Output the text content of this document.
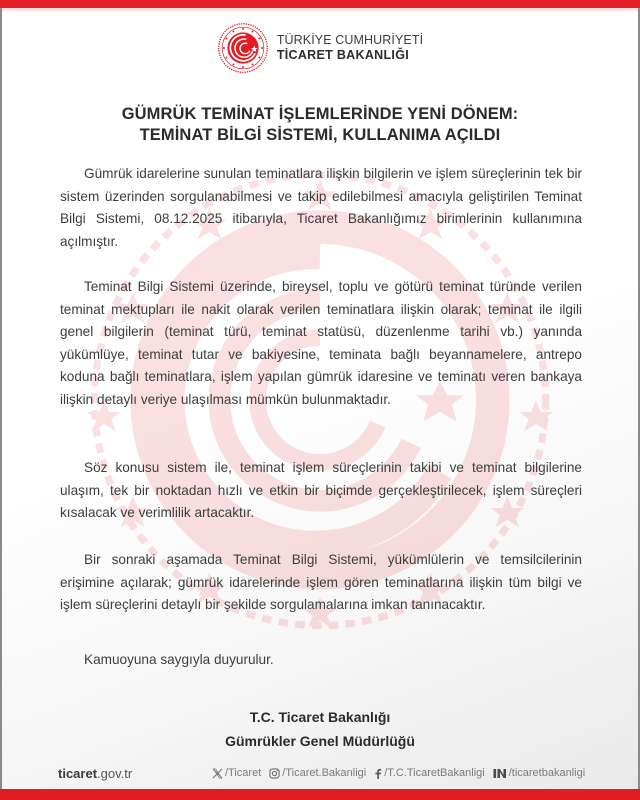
TÜRKİYE CUMHURİYETİ
TİCARET BAKANLIĞI
GÜMRÜK TEMİNAT İŞLEMLERİNDE YENİ DÖNEM:
TEMİNAT BİLGİ SİSTEMİ, KULLANIMA AÇILDI

Gümrük idarelerine sunulan teminatlara ilişkin bilgilerin ve işlem süreçlerinin tek bir sistem üzerinden sorgulanabilmesi ve takip edilebilmesi amacıyla geliştirilen Teminat Bilgi Sistemi, 08.12.2025 itibarıyla, Ticaret Bakanlığımız birimlerinin kullanımına açılmıştır.

Teminat Bilgi Sistemi üzerinde, bireysel, toplu ve götürü teminat türünde verilen teminat mektupları ile nakit olarak verilen teminatlara ilişkin olarak; teminat ile ilgili genel bilgilerin (teminat türü, teminat statüsü, düzenlenme tarihi vb.) yanında yükümlüye, teminat tutar ve bakiyesine, teminata bağlı beyannamelere, antrepo koduna bağlı teminatlara, işlem yapılan gümrük idaresine ve teminatı veren bankaya ilişkin detaylı veriye ulaşılması mümkün bulunmaktadır.

Söz konusu sistem ile, teminat işlem süreçlerinin takibi ve teminat bilgilerine ulaşım, tek bir noktadan hızlı ve etkin bir biçimde gerçekleştirilecek, işlem süreçleri kısalacak ve verimlilik artacaktır.

Bir sonraki aşamada Teminat Bilgi Sistemi, yükümlülerin ve temsilcilerinin erişimine açılarak; gümrük idarelerinde işlem gören teminatlarına ilişkin tüm bilgi ve işlem süreçlerini detaylı bir şekilde sorgulamalarına imkan tanınacaktır.

Kamuoyuna saygıyla duyurulur.
T.C. Ticaret Bakanlığı
Gümrükler Genel Müdürlüğü
ticaret.gov.tr	/Ticaret /Ticaret.Bakanligi /T.C.TicaretBakanligi /ticaretbakanligi
